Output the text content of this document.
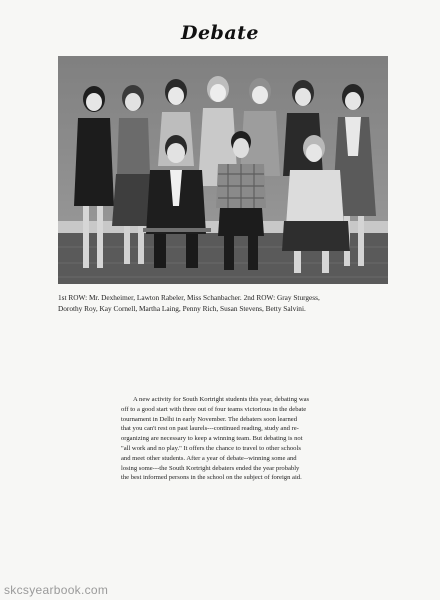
Debate

1st ROW: Mr. Dexheimer, Lawton Rabeler, Miss Schanbacher. 2nd ROW: Gray Sturgess,

Dorothy Roy, Kay Cornell, Martha Laing, Penny Rich, Susan Stevens, Betty Salvini.

A new activity for South Kortright students this year, debating was

off to a good start with three out of four teams victorious in the debate

tournament in Delhi in early November. The debaters soon learned

that you can't rest on past laurels---continued reading, study and re-

organizing are necessary to keep a winning team. But debating is not

"all work and no play." It offers the chance to travel to other schools

and meet other students. After a year of debate--winning some and

losing some---the South Kortright debaters ended the year probably

the best informed persons in the school on the subject of foreign aid.

skcsyearbook.com
